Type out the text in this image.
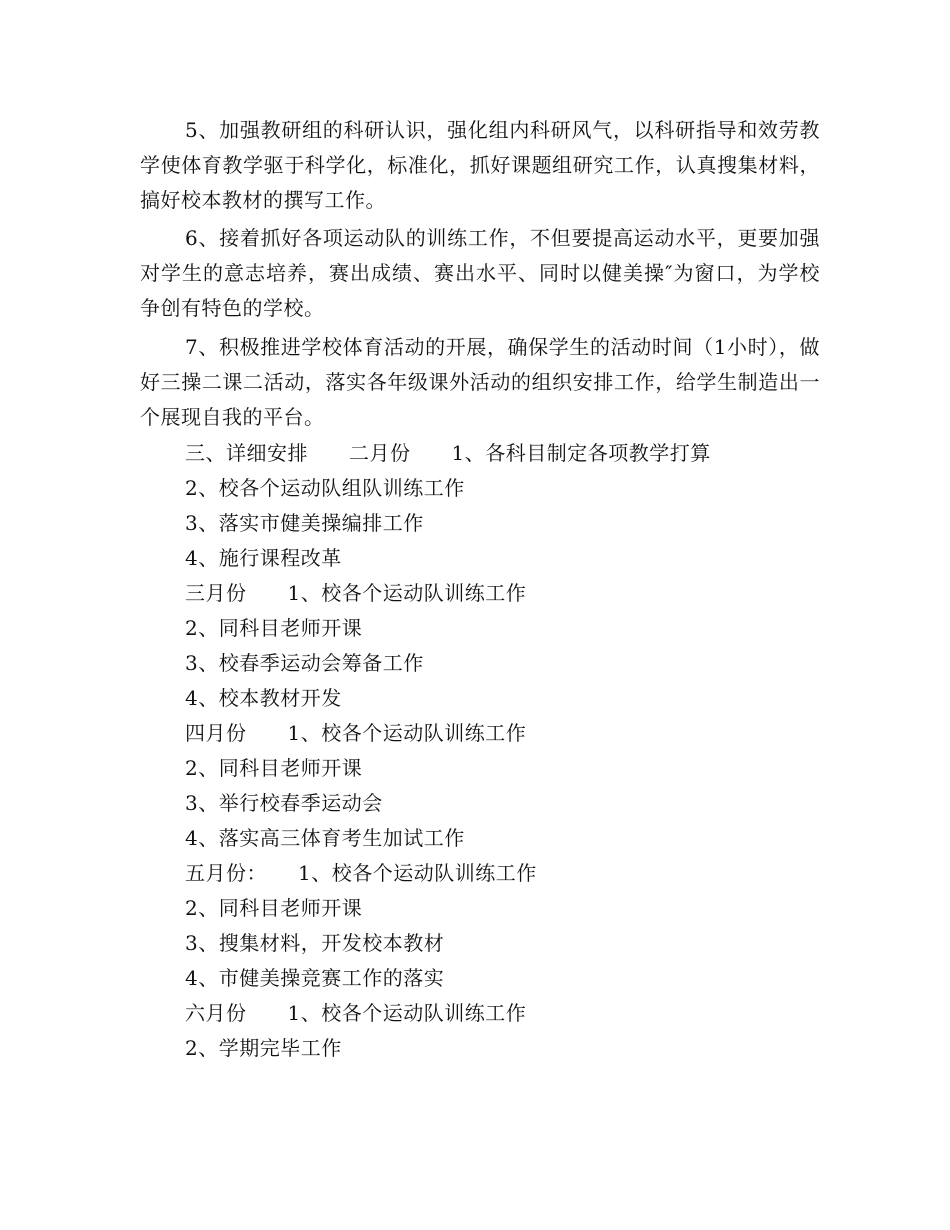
5、加强教研组的科研认识，强化组内科研风气，以科研指导和效劳教学使体育教学驱于科学化，标准化，抓好课题组研究工作，认真搜集材料，搞好校本教材的撰写工作。

6、接着抓好各项运动队的训练工作，不但要提高运动水平，更要加强对学生的意志培养，赛出成绩、赛出水平、同时以健美操″为窗口，为学校争创有特色的学校。

7、积极推进学校体育活动的开展，确保学生的活动时间（1小时），做好三操二课二活动，落实各年级课外活动的组织安排工作，给学生制造出一个展现自我的平台。

三、详细安排　　二月份　　1、各科目制定各项教学打算

2、校各个运动队组队训练工作

3、落实市健美操编排工作

4、施行课程改革

三月份　　1、校各个运动队训练工作

2、同科目老师开课

3、校春季运动会筹备工作

4、校本教材开发

四月份　　1、校各个运动队训练工作

2、同科目老师开课

3、举行校春季运动会

4、落实高三体育考生加试工作

五月份：　　1、校各个运动队训练工作

2、同科目老师开课

3、搜集材料，开发校本教材

4、市健美操竞赛工作的落实

六月份　　1、校各个运动队训练工作

2、学期完毕工作
